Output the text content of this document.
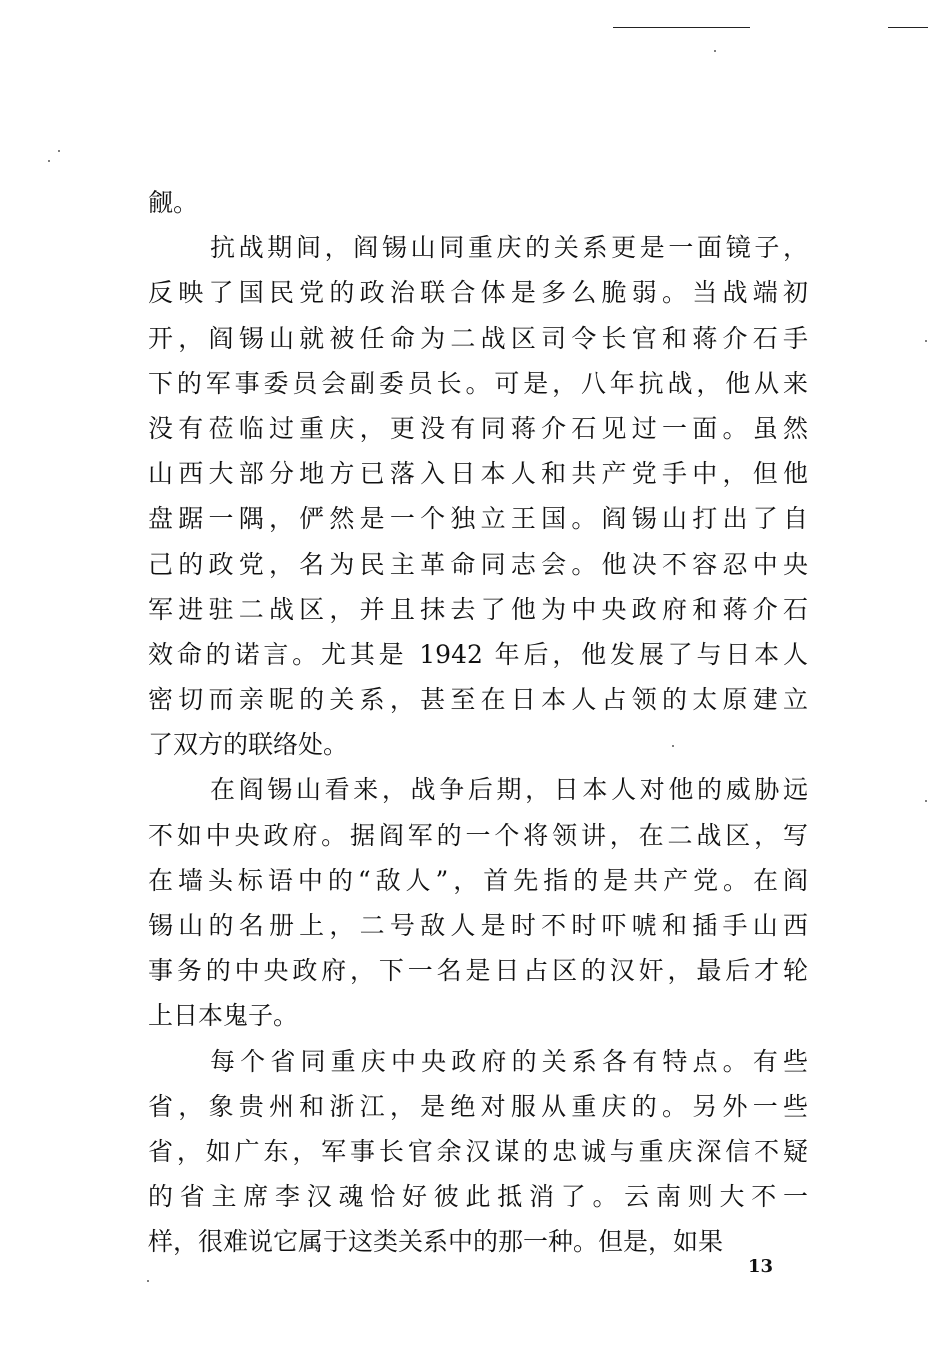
觎。
抗战期间，阎锡山同重庆的关系更是一面镜子，
反映了国民党的政治联合体是多么脆弱。当战端初
开，阎锡山就被任命为二战区司令长官和蒋介石手
下的军事委员会副委员长。可是，八年抗战，他从来
没有莅临过重庆，更没有同蒋介石见过一面。虽然
山西大部分地方已落入日本人和共产党手中，但他
盘踞一隅，俨然是一个独立王国。阎锡山打出了自
己的政党，名为民主革命同志会。他决不容忍中央
军进驻二战区，并且抹去了他为中央政府和蒋介石
效命的诺言。尤其是 1942 年后，他发展了与日本人
密切而亲昵的关系，甚至在日本人占领的太原建立
了双方的联络处。
在阎锡山看来，战争后期，日本人对他的威胁远
不如中央政府。据阎军的一个将领讲，在二战区，写
在墙头标语中的“敌人”，首先指的是共产党。在阎
锡山的名册上，二号敌人是时不时吓唬和插手山西
事务的中央政府，下一名是日占区的汉奸，最后才轮
上日本鬼子。
每个省同重庆中央政府的关系各有特点。有些
省，象贵州和浙江，是绝对服从重庆的。另外一些
省，如广东，军事长官余汉谋的忠诚与重庆深信不疑
的省主席李汉魂恰好彼此抵消了。云南则大不一
样，很难说它属于这类关系中的那一种。但是，如果
13
